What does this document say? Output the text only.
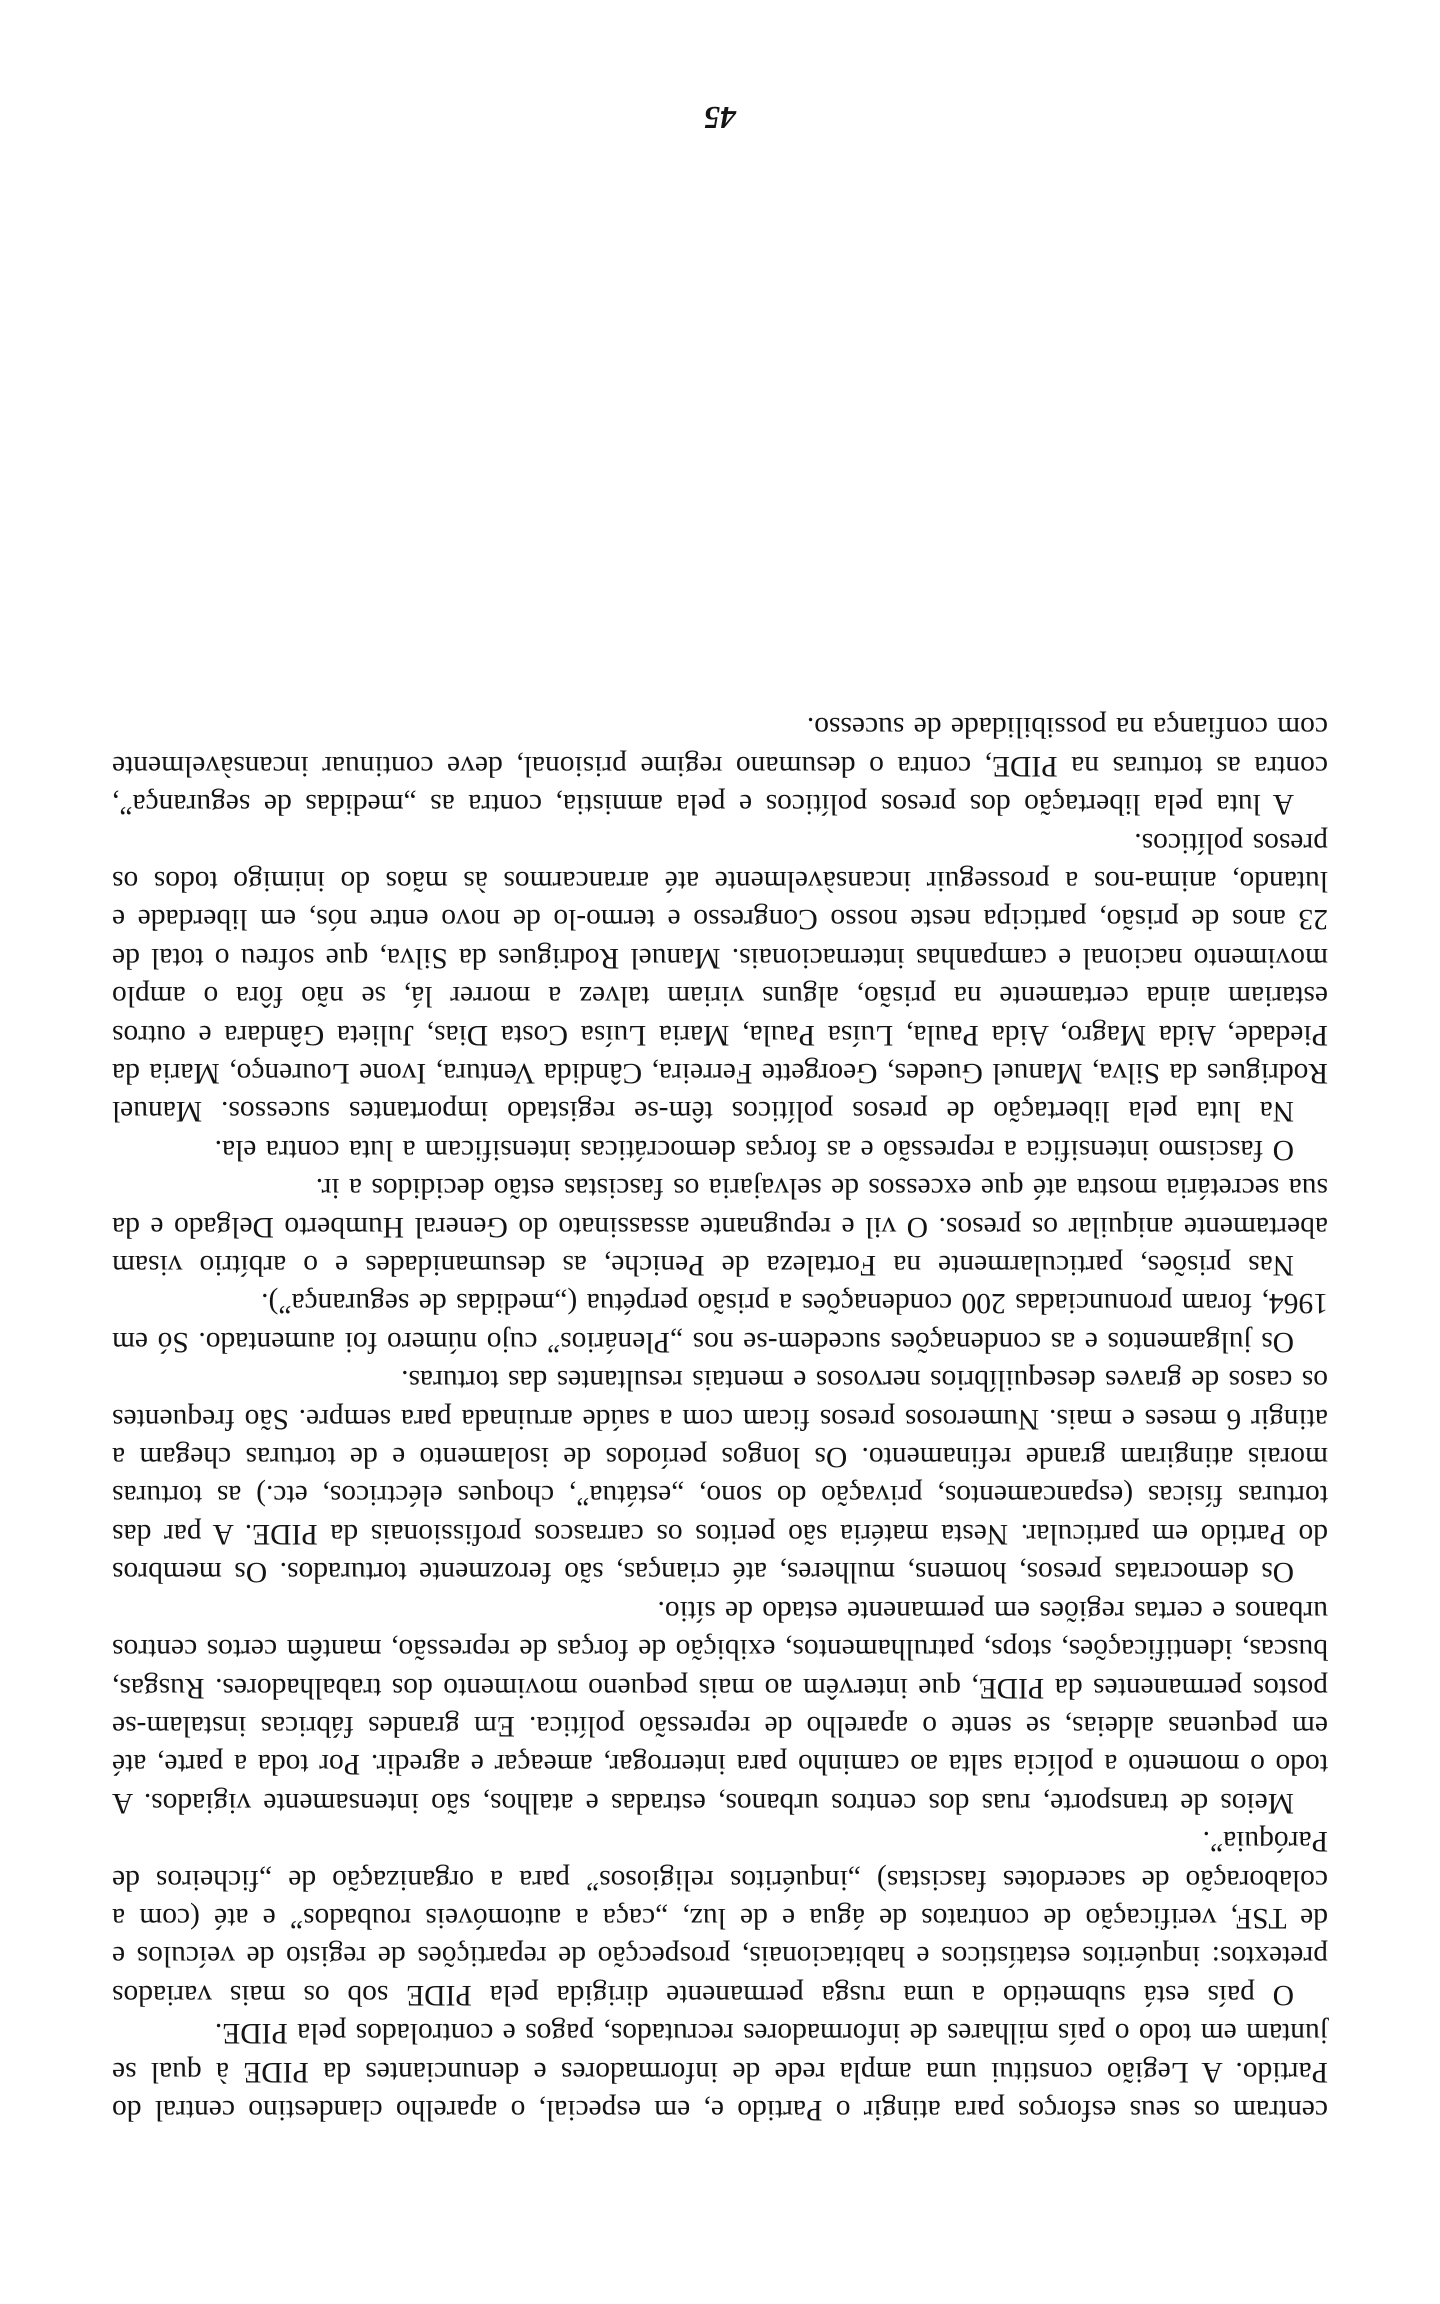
centram os seus esforços para atingir o Partido e, em especial, o aparelho clandestino central do Partido. A Legião constitui uma ampla rede de informadores e denunciantes da PIDE à qual se juntam em todo o país milhares de informadores recrutados, pagos e controlados pela PIDE.

O país está submetido a uma rusga permanente dirigida pela PIDE sob os mais variados pretextos: inquéritos estatísticos e habitacionais, prospecção de repartições de registo de veículos e de TSF, verificação de contratos de água e de luz, „caça a automóveis roubados” e até (com a colaboração de sacerdotes fascistas) „inquéritos religiosos” para a organização de „ficheiros de Paróquia”.

Meios de transporte, ruas dos centros urbanos, estradas e atalhos, são intensamente vigiados. A todo o momento a polícia salta ao caminho para interrogar, ameaçar e agredir. Por toda a parte, até em pequenas aldeias, se sente o aparelho de repressão política. Em grandes fábricas instalam-se postos permanentes da PIDE, que intervêm ao mais pequeno movimento dos trabalhadores. Rusgas, buscas, identificações, stops, patrulhamentos, exibição de forças de repressão, mantêm certos centros urbanos e certas regiões em permanente estado de sítio.

Os democratas presos, homens, mulheres, até crianças, são ferozmente torturados. Os membros do Partido em particular. Nesta matéria são peritos os carrascos profissionais da PIDE. A par das torturas físicas (espancamentos, privação do sono, „estátua”, choques eléctricos, etc.) as torturas morais atingiram grande refinamento. Os longos períodos de isolamento e de torturas chegam a atingir 6 meses e mais. Numerosos presos ficam com a saúde arruinada para sempre. São frequentes os casos de graves desequilíbrios nervosos e mentais resultantes das torturas.

Os julgamentos e as condenações sucedem-se nos „Plenários” cujo número foi aumentado. Só em 1964, foram pronunciadas 200 condenações a prisão perpétua („medidas de segurança”).

Nas prisões, particularmente na Fortaleza de Peniche, as desumanidades e o arbítrio visam abertamente aniquilar os presos. O vil e repugnante assassinato do General Humberto Delgado e da sua secretária mostra até que excessos de selvajaria os fascistas estão decididos a ir.

O fascismo intensifica a repressão e as forças democráticas intensificam a luta contra ela.

Na luta pela libertação de presos políticos têm-se registado importantes sucessos. Manuel Rodrigues da Silva, Manuel Guedes, Georgette Ferreira, Cândida Ventura, Ivone Lourenço, Maria da Piedade, Aida Magro, Aida Paula, Luísa Paula, Maria Luísa Costa Dias, Julieta Gândara e outros estariam ainda certamente na prisão, alguns viriam talvez a morrer lá, se não fôra o amplo movimento nacional e campanhas internacionais. Manuel Rodrigues da Silva, que sofreu o total de 23 anos de prisão, participa neste nosso Congresso e termo-lo de novo entre nós, em liberdade e lutando, anima-nos a prosseguir incansàvelmente até arrancarmos às mãos do inimigo todos os presos políticos.

A luta pela libertação dos presos políticos e pela amnistia, contra as „medidas de segurança”, contra as torturas na PIDE, contra o desumano regime prisional, deve continuar incansàvelmente com confiança na possibilidade de sucesso.

45
